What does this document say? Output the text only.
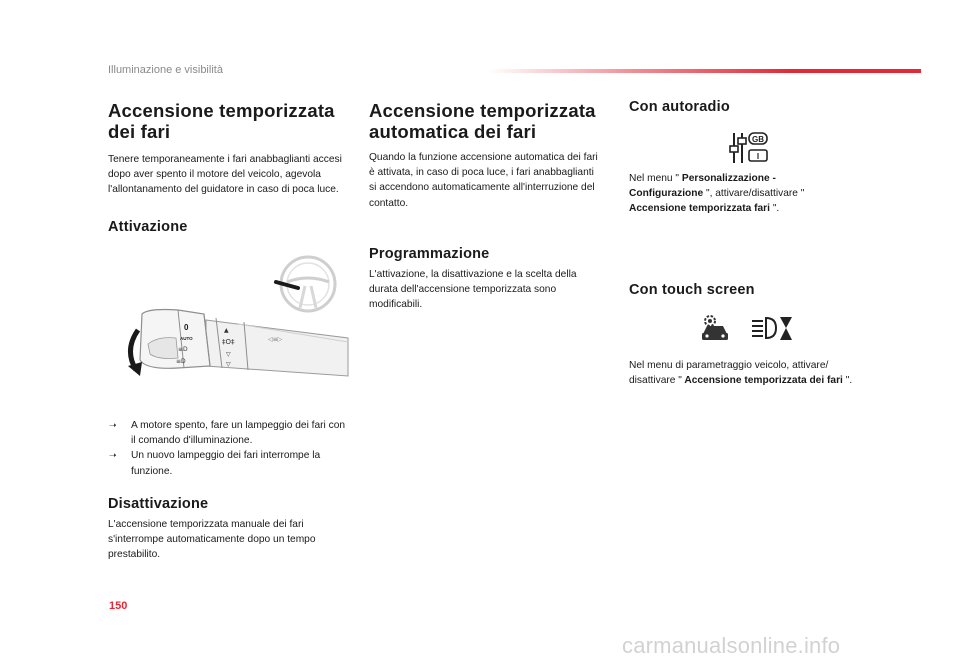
Illuminazione e visibilità
Accensione temporizzata
dei fari

Tenere temporaneamente i fari anabbaglianti accesi dopo aver spento il motore del veicolo, agevola l'allontanamento del guidatore in caso di poca luce.

Attivazione
0
AUTO
≡D
≡D
▲
‡O‡
▽
▽
◁≡▷
➝ A motore spento, fare un lampeggio dei fari con il comando d'illuminazione.
➝ Un nuovo lampeggio dei fari interrompe la funzione.
Disattivazione

L'accensione temporizzata manuale dei fari s'interrompe automaticamente dopo un tempo prestabilito.

Accensione temporizzata
automatica dei fari

Quando la funzione accensione automatica dei fari è attivata, in caso di poca luce, i fari anabbaglianti si accendono automaticamente all'interruzione del contatto.

Programmazione

L'attivazione, la disattivazione e la scelta della durata dell'accensione temporizzata sono modificabili.

Con autoradio
GB
I

Nel menu " Personalizzazione - Configurazione ", attivare/disattivare " Accensione temporizzata fari ".

Con touch screen

Nel menu di parametraggio veicolo, attivare/ disattivare " Accensione temporizzata dei fari ".

150
carmanualsonline.info
